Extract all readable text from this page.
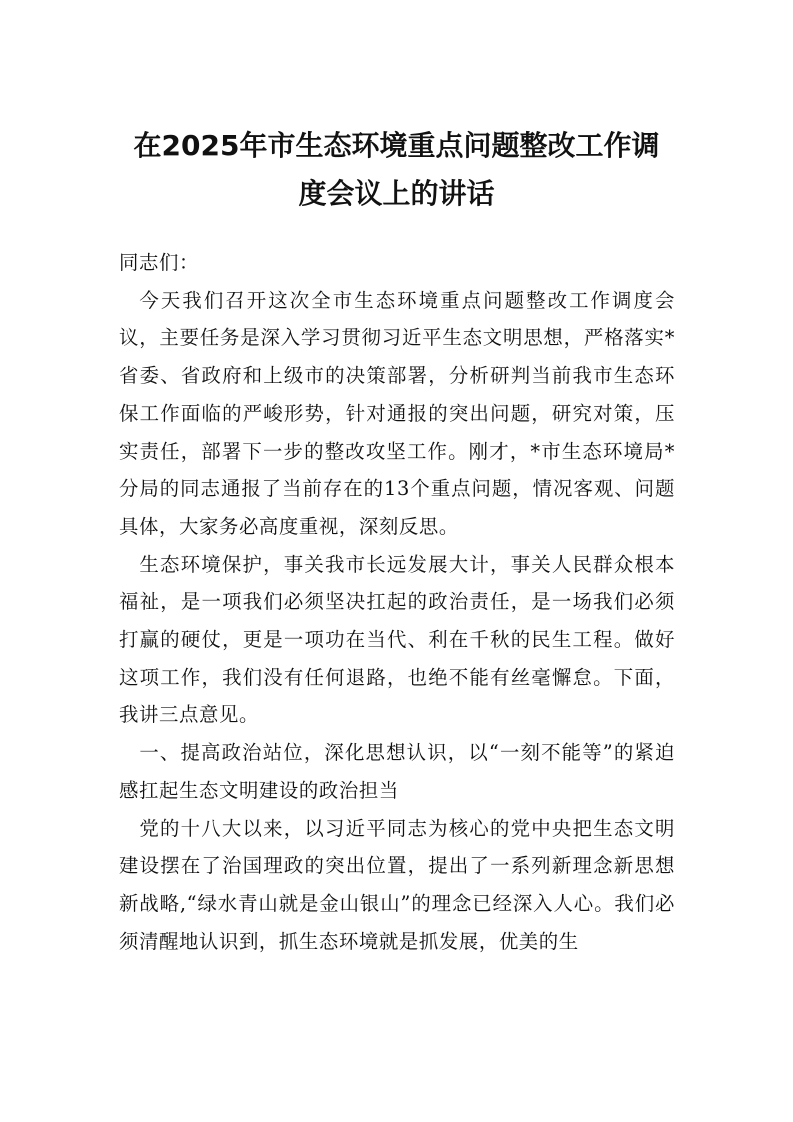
在2025年市生态环境重点问题整改工作调
度会议上的讲话

同志们：

今天我们召开这次全市生态环境重点问题整改工作调度会议，主要任务是深入学习贯彻习近平生态文明思想，严格落实*省委、省政府和上级市的决策部署，分析研判当前我市生态环保工作面临的严峻形势，针对通报的突出问题，研究对策，压实责任，部署下一步的整改攻坚工作。刚才，*市生态环境局*分局的同志通报了当前存在的13个重点问题，情况客观、问题具体，大家务必高度重视，深刻反思。

生态环境保护，事关我市长远发展大计，事关人民群众根本福祉，是一项我们必须坚决扛起的政治责任，是一场我们必须打赢的硬仗，更是一项功在当代、利在千秋的民生工程。做好这项工作，我们没有任何退路，也绝不能有丝毫懈怠。下面，我讲三点意见。

一、提高政治站位，深化思想认识，以“一刻不能等”的紧迫感扛起生态文明建设的政治担当

党的十八大以来，以习近平同志为核心的党中央把生态文明建设摆在了治国理政的突出位置，提出了一系列新理念新思想新战略,“绿水青山就是金山银山”的理念已经深入人心。我们必须清醒地认识到，抓生态环境就是抓发展，优美的生
